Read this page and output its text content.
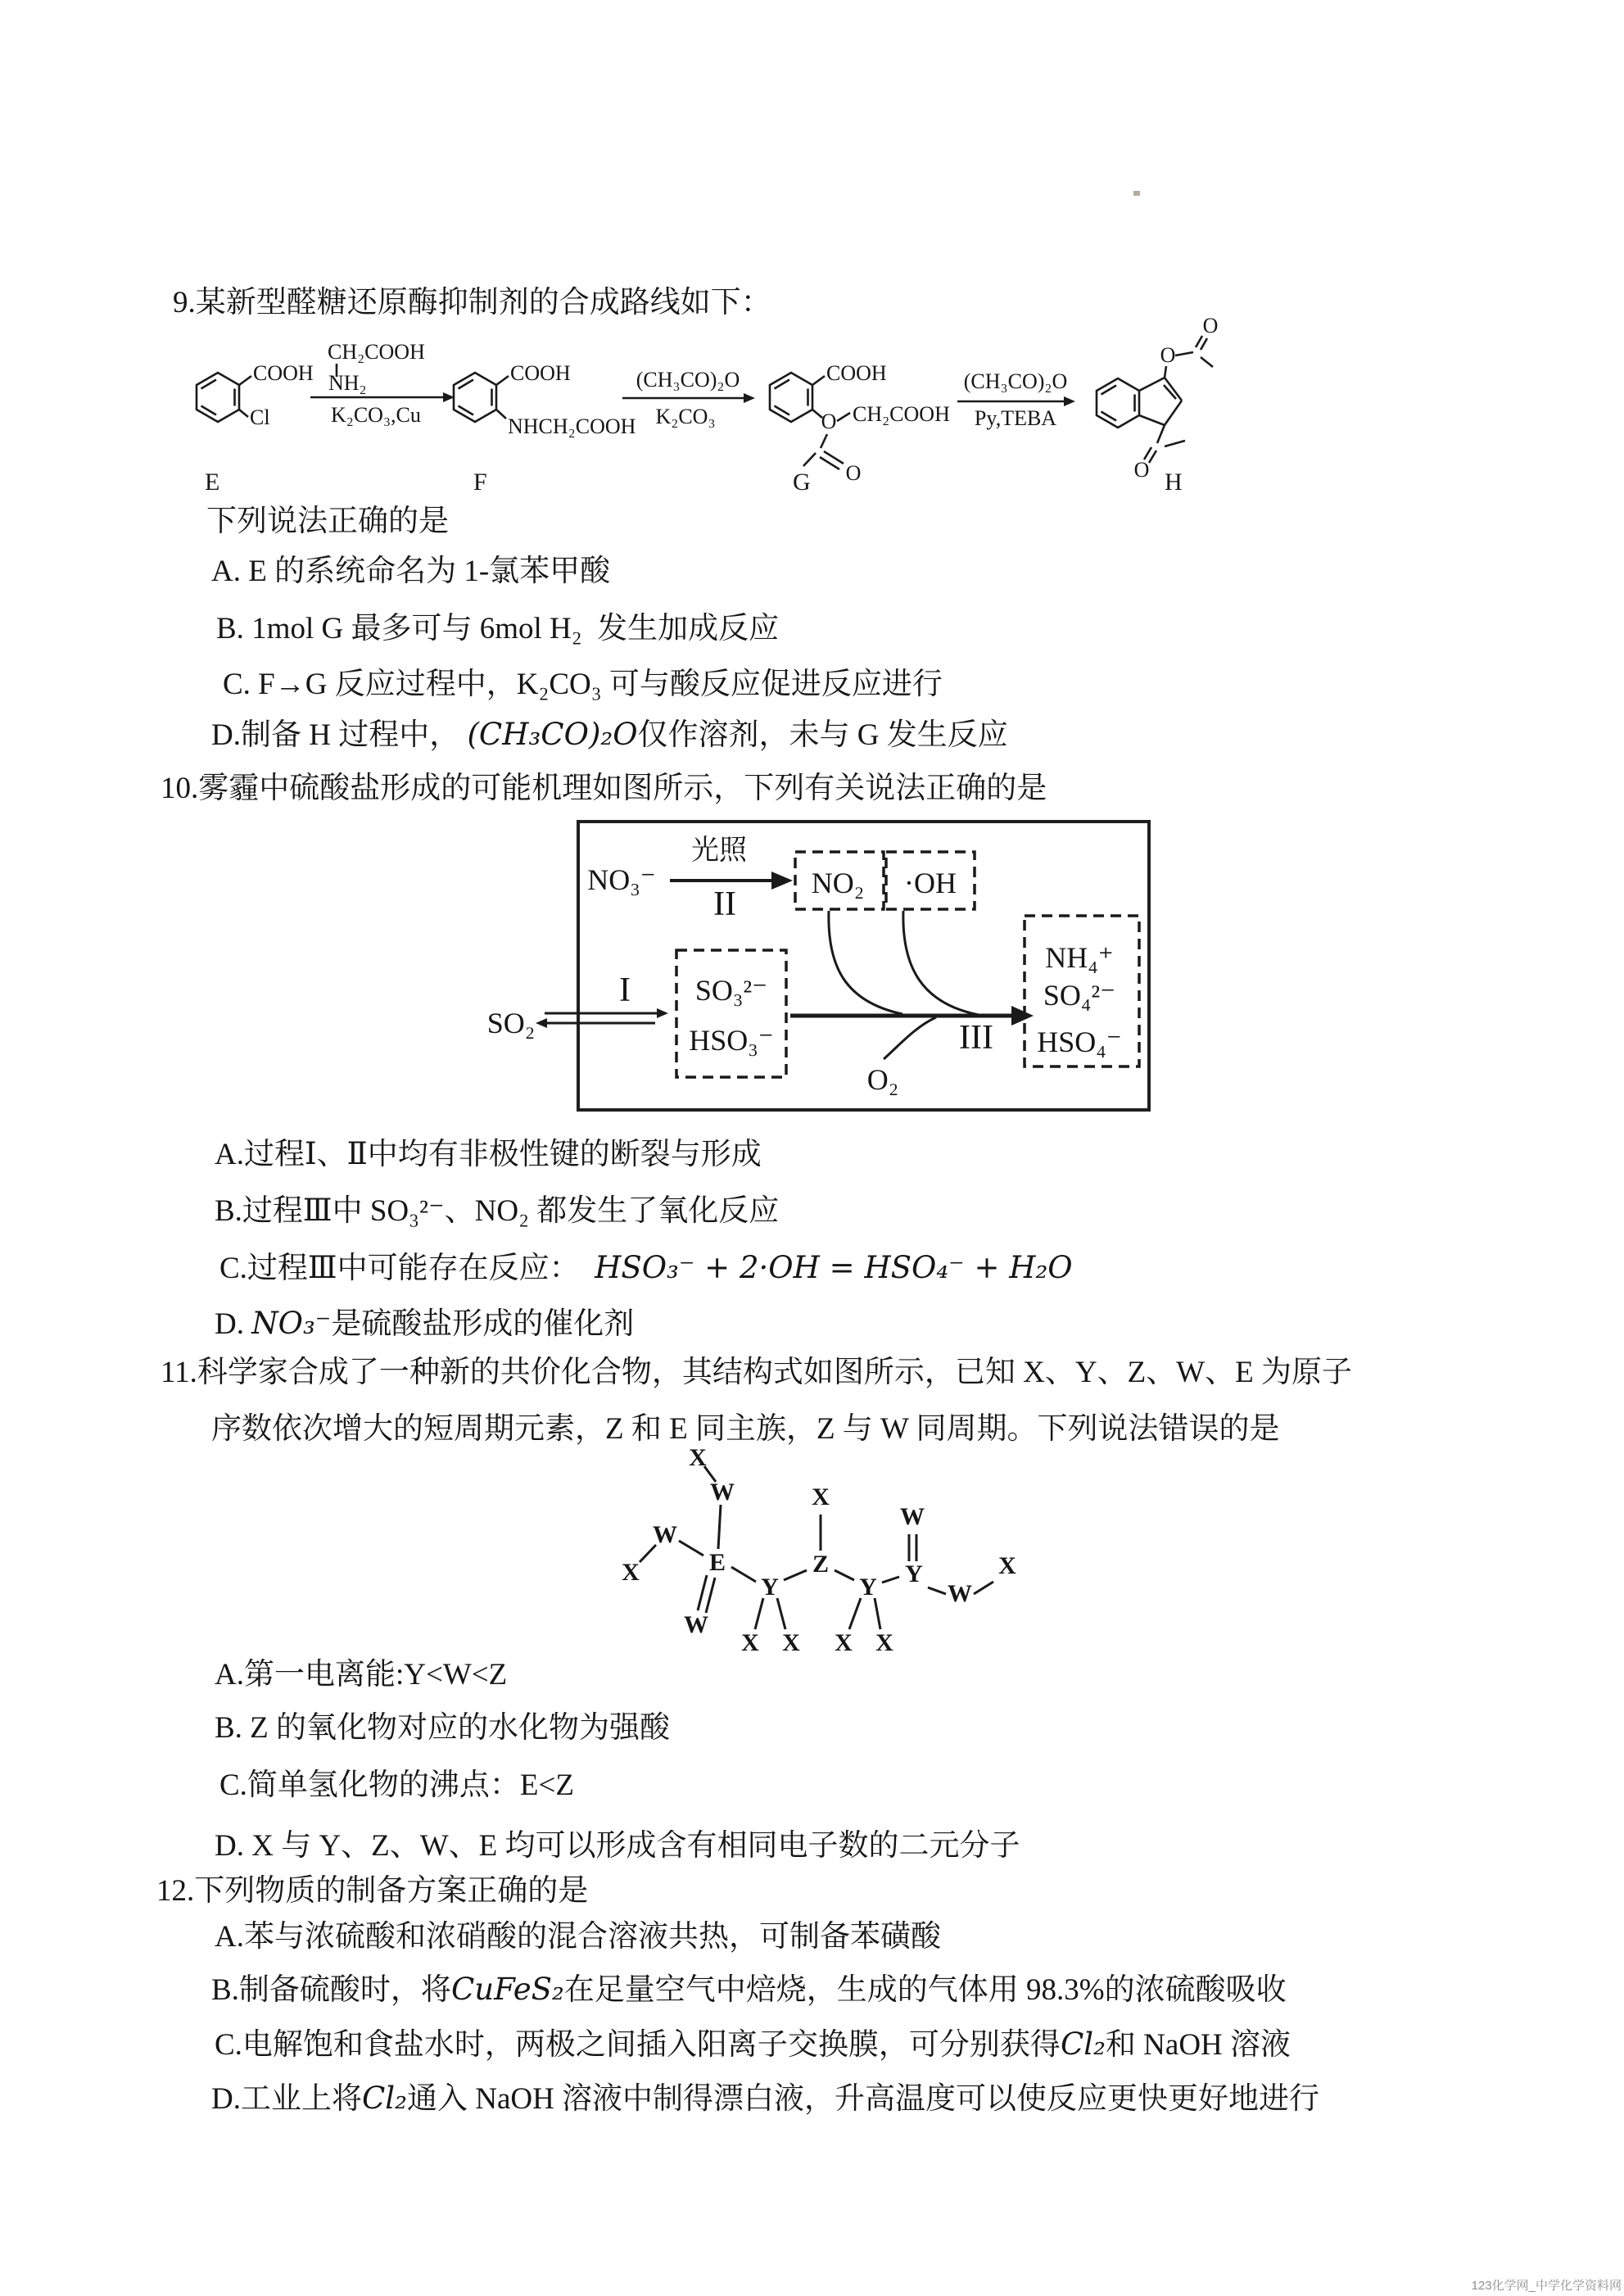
9.某新型醛糖还原酶抑制剂的合成路线如下：
COOH
Cl
E
CH₂COOH
NH₂
K₂CO₃,Cu
COOH
NHCH₂COOH
F
(CH₃CO)₂O
K₂CO₃
COOH
O CH₂COOH
O
G
(CH₃CO)₂O
Py,TEBA
O
O
O H
下列说法正确的是
A. E 的系统命名为 1-氯苯甲酸
B. 1mol G 最多可与 6mol H₂  发生加成反应
C. F→G 反应过程中，K₂CO₃ 可与酸反应促进反应进行
D.制备 H 过程中， (CH₃CO)₂O仅作溶剂，未与 G 发生反应
10.雾霾中硫酸盐形成的可能机理如图所示，下列有关说法正确的是
NO₃⁻
光照
II
NO₂ ·OH
SO₂
I SO₃²⁻
HSO₃⁻
O₂
III
NH₄⁺
SO₄²⁻
HSO₄⁻
A.过程Ⅰ、Ⅱ中均有非极性键的断裂与形成
B.过程Ⅲ中 SO₃²⁻、NO₂ 都发生了氧化反应
C.过程Ⅲ中可能存在反应：  HSO₃⁻ + 2·OH = HSO₄⁻ + H₂O
D. NO₃⁻是硫酸盐形成的催化剂
11.科学家合成了一种新的共价化合物，其结构式如图所示，已知 X、Y、Z、W、E 为原子
序数依次增大的短周期元素，Z 和 E 同主族，Z 与 W 同周期。下列说法错误的是
X
W
X
W
E
W
Y
X X
Z
X
Y
X X
Y
W
W
X
A.第一电离能:Y<W<Z
B. Z 的氧化物对应的水化物为强酸
C.简单氢化物的沸点：E<Z
D. X 与 Y、Z、W、E 均可以形成含有相同电子数的二元分子
12.下列物质的制备方案正确的是
A.苯与浓硫酸和浓硝酸的混合溶液共热，可制备苯磺酸
B.制备硫酸时，将CuFeS₂在足量空气中焙烧，生成的气体用 98.3%的浓硫酸吸收
C.电解饱和食盐水时，两极之间插入阳离子交换膜，可分别获得Cl₂和 NaOH 溶液
D.工业上将Cl₂通入 NaOH 溶液中制得漂白液，升高温度可以使反应更快更好地进行
123化学网_中学化学资料网
